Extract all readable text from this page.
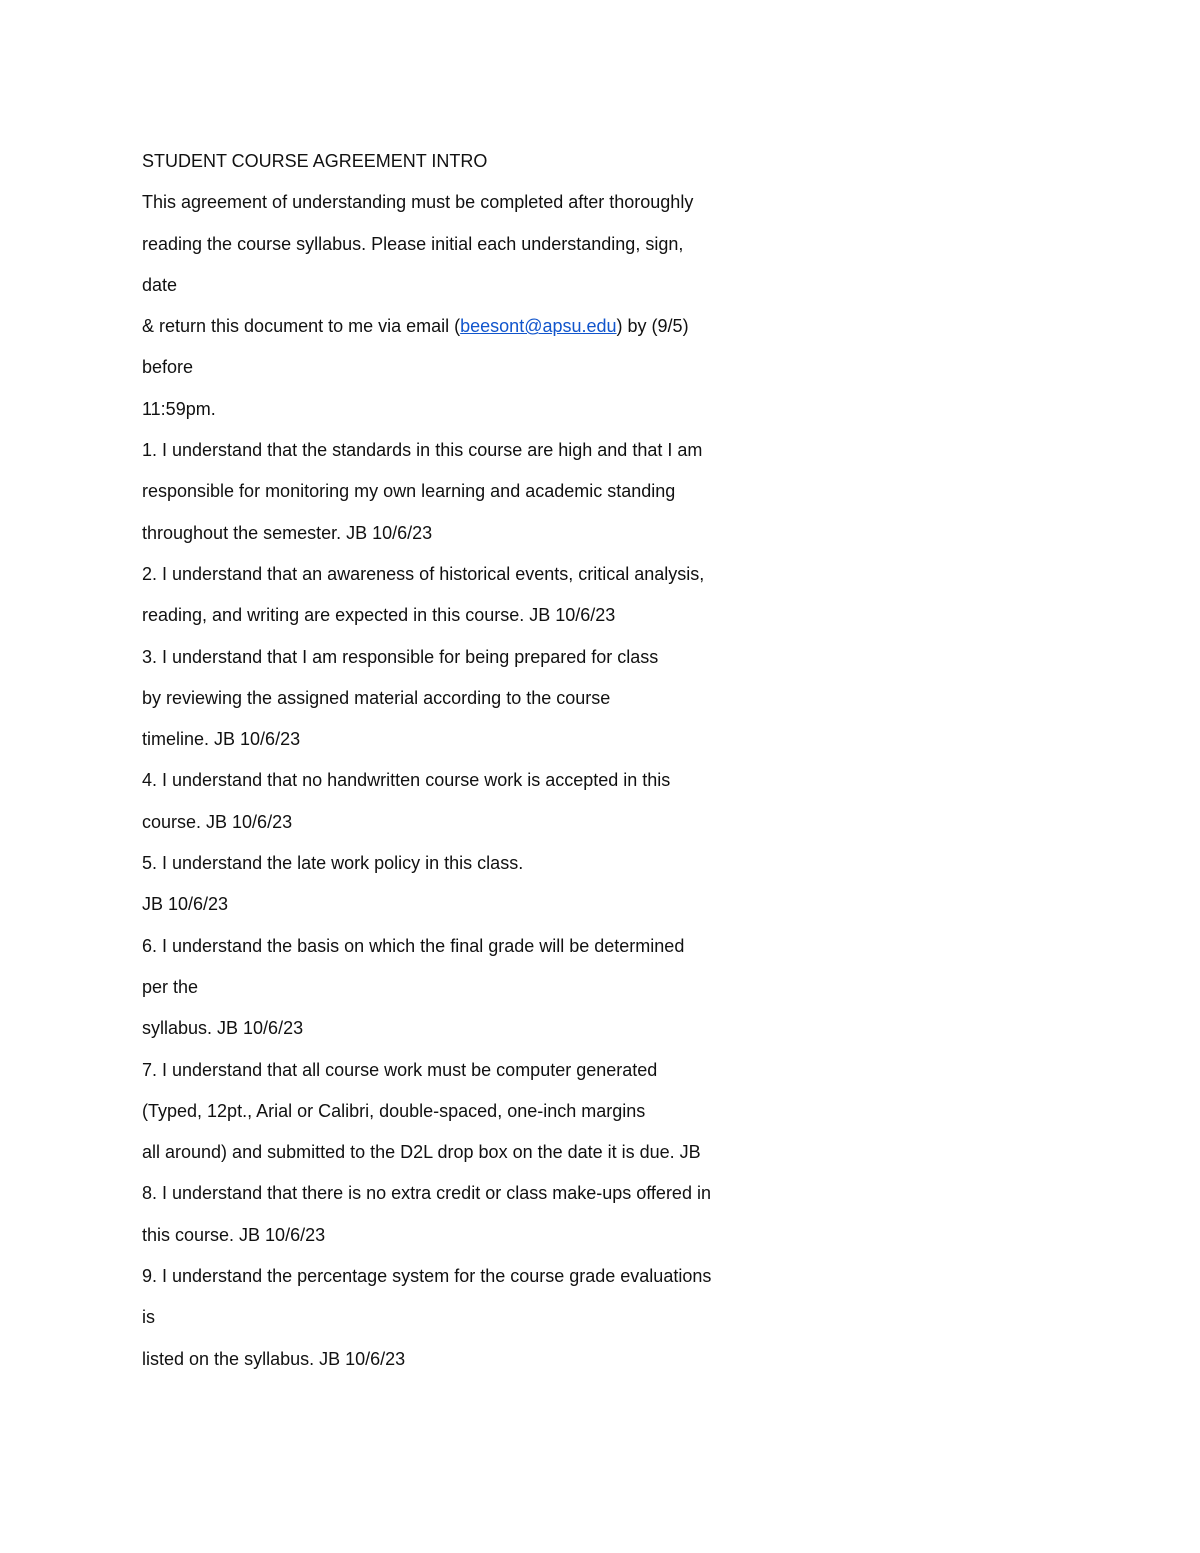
STUDENT COURSE AGREEMENT INTRO
This agreement of understanding must be completed after thoroughly
reading the course syllabus. Please initial each understanding, sign,
date
& return this document to me via email (beesont@apsu.edu) by (9/5)
before
11:59pm.
1. I understand that the standards in this course are high and that I am
responsible for monitoring my own learning and academic standing
throughout the semester. JB 10/6/23
2. I understand that an awareness of historical events, critical analysis,
reading, and writing are expected in this course. JB 10/6/23
3. I understand that I am responsible for being prepared for class
by reviewing the assigned material according to the course
timeline. JB 10/6/23
4. I understand that no handwritten course work is accepted in this
course. JB 10/6/23
5. I understand the late work policy in this class.
JB 10/6/23
6. I understand the basis on which the final grade will be determined
per the
syllabus. JB 10/6/23
7. I understand that all course work must be computer generated
(Typed, 12pt., Arial or Calibri, double-spaced, one-inch margins
all around) and submitted to the D2L drop box on the date it is due. JB
8. I understand that there is no extra credit or class make-ups offered in
this course. JB 10/6/23
9. I understand the percentage system for the course grade evaluations
is
listed on the syllabus. JB 10/6/23
